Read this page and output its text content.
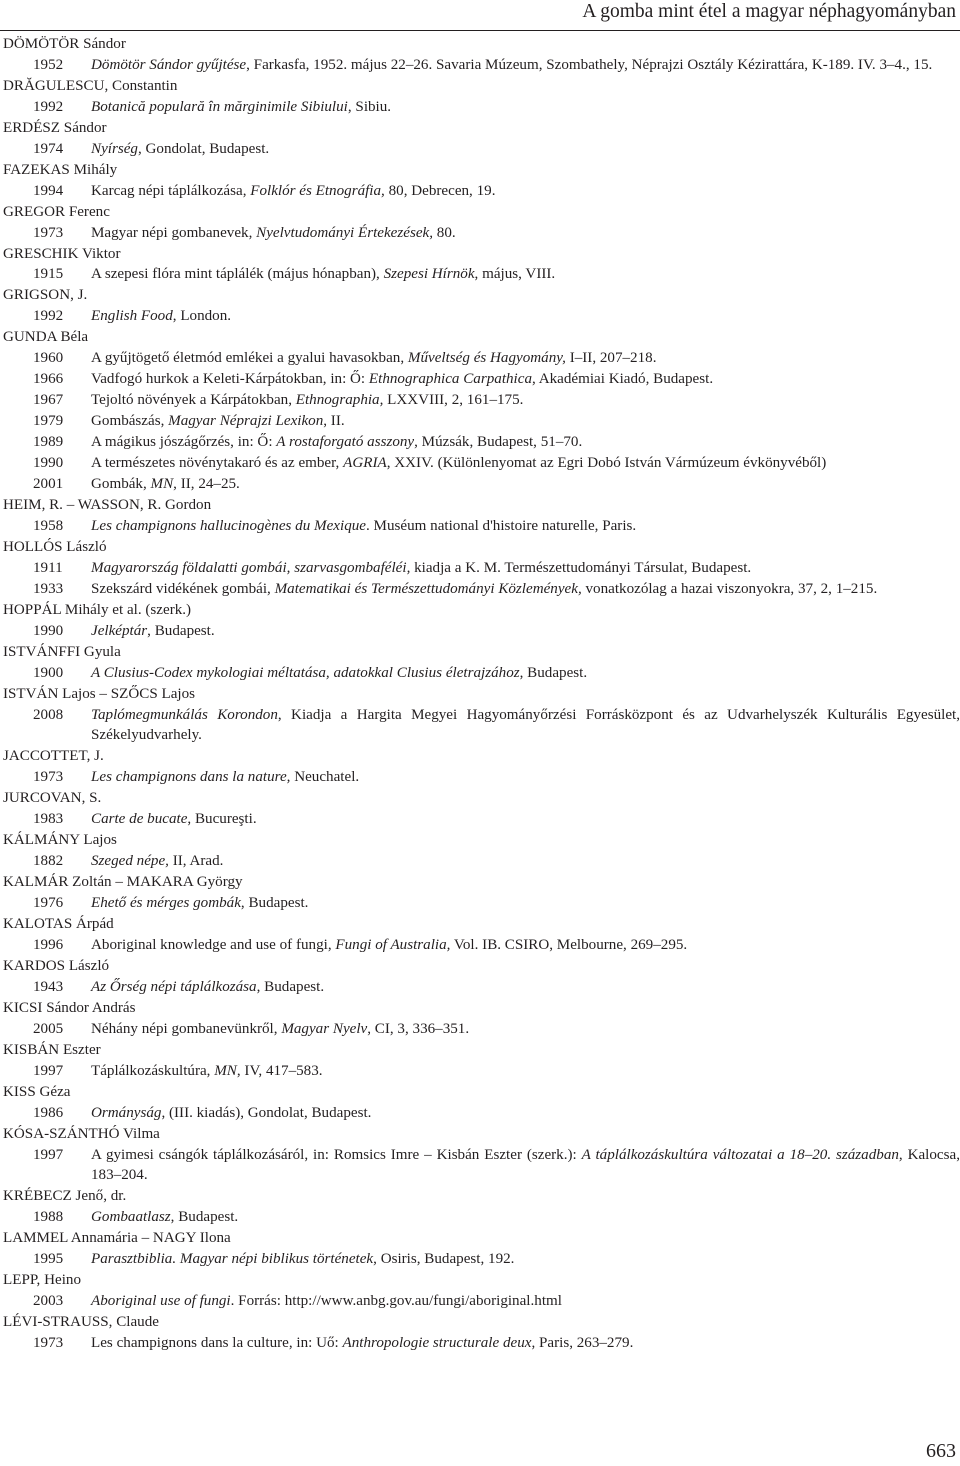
A gomba mint étel a magyar néphagyományban
DÖMÖTÖR Sándor
1952	Dömötör Sándor gyűjtése, Farkasfa, 1952. május 22–26. Savaria Múzeum, Szombathely, Néprajzi Osztály Kézirattára, K-189. IV. 3–4., 15.
DRĂGULESCU, Constantin
1992	Botanică populară în mărginimile Sibiului, Sibiu.
ERDÉSZ Sándor
1974	Nyírség, Gondolat, Budapest.
FAZEKAS Mihály
1994	Karcag népi táplálkozása, Folklór és Etnográfia, 80, Debrecen, 19.
GREGOR Ferenc
1973	Magyar népi gombanevek, Nyelvtudományi Értekezések, 80.
GRESCHIK Viktor
1915	A szepesi flóra mint táplálék (május hónapban), Szepesi Hírnök, május, VIII.
GRIGSON, J.
1992	English Food, London.
GUNDA Béla
1960	A gyűjtögető életmód emlékei a gyalui havasokban, Műveltség és Hagyomány, I–II, 207–218.
1966	Vadfogó hurkok a Keleti-Kárpátokban, in: Ő: Ethnographica Carpathica, Akadémiai Kiadó, Budapest.
1967	Tejoltó növények a Kárpátokban, Ethnographia, LXXVIII, 2, 161–175.
1979	Gombászás, Magyar Néprajzi Lexikon, II.
1989	A mágikus jószágőrzés, in: Ő: A rostaforgató asszony, Múzsák, Budapest, 51–70.
1990	A természetes növénytakaró és az ember, AGRIA, XXIV. (Különlenyomat az Egri Dobó István Vármúzeum évkönyvéből)
2001	Gombák, MN, II, 24–25.
HEIM, R. – WASSON, R. Gordon
1958	Les champignons hallucinogènes du Mexique. Muséum national d'histoire naturelle, Paris.
HOLLÓS László
1911	Magyarország földalatti gombái, szarvasgombaféléi, kiadja a K. M. Természettudományi Társulat, Budapest.
1933	Szekszárd vidékének gombái, Matematikai és Természettudományi Közlemények, vonatkozólag a hazai viszonyokra, 37, 2, 1–215.
HOPPÁL Mihály et al. (szerk.)
1990	Jelképtár, Budapest.
ISTVÁNFFI Gyula
1900	A Clusius-Codex mykologiai méltatása, adatokkal Clusius életrajzához, Budapest.
ISTVÁN Lajos – SZŐCS Lajos
2008	Taplómegmunkálás Korondon, Kiadja a Hargita Megyei Hagyományőrzési Forrásközpont és az Udvarhelyszék Kulturális Egyesület, Székelyudvarhely.
JACCOTTET, J.
1973	Les champignons dans la nature, Neuchatel.
JURCOVAN, S.
1983	Carte de bucate, Bucureşti.
KÁLMÁNY Lajos
1882	Szeged népe, II, Arad.
KALMÁR Zoltán – MAKARA György
1976	Ehető és mérges gombák, Budapest.
KALOTAS Árpád
1996	Aboriginal knowledge and use of fungi, Fungi of Australia, Vol. IB. CSIRO, Melbourne, 269–295.
KARDOS László
1943	Az Őrség népi táplálkozása, Budapest.
KICSI Sándor András
2005	Néhány népi gombanevünkről, Magyar Nyelv, CI, 3, 336–351.
KISBÁN Eszter
1997	Táplálkozáskultúra, MN, IV, 417–583.
KISS Géza
1986	Ormányság, (III. kiadás), Gondolat, Budapest.
KÓSA-SZÁNTHÓ Vilma
1997	A gyimesi csángók táplálkozásáról, in: Romsics Imre – Kisbán Eszter (szerk.): A táplálkozáskultúra változatai a 18–20. században, Kalocsa, 183–204.
KRÉBECZ Jenő, dr.
1988	Gombaatlasz, Budapest.
LAMMEL Annamária – NAGY Ilona
1995	Parasztbiblia. Magyar népi biblikus történetek, Osiris, Budapest, 192.
LEPP, Heino
2003	Aboriginal use of fungi. Forrás: http://www.anbg.gov.au/fungi/aboriginal.html
LÉVI-STRAUSS, Claude
1973	Les champignons dans la culture, in: Uő: Anthropologie structurale deux, Paris, 263–279.
663
